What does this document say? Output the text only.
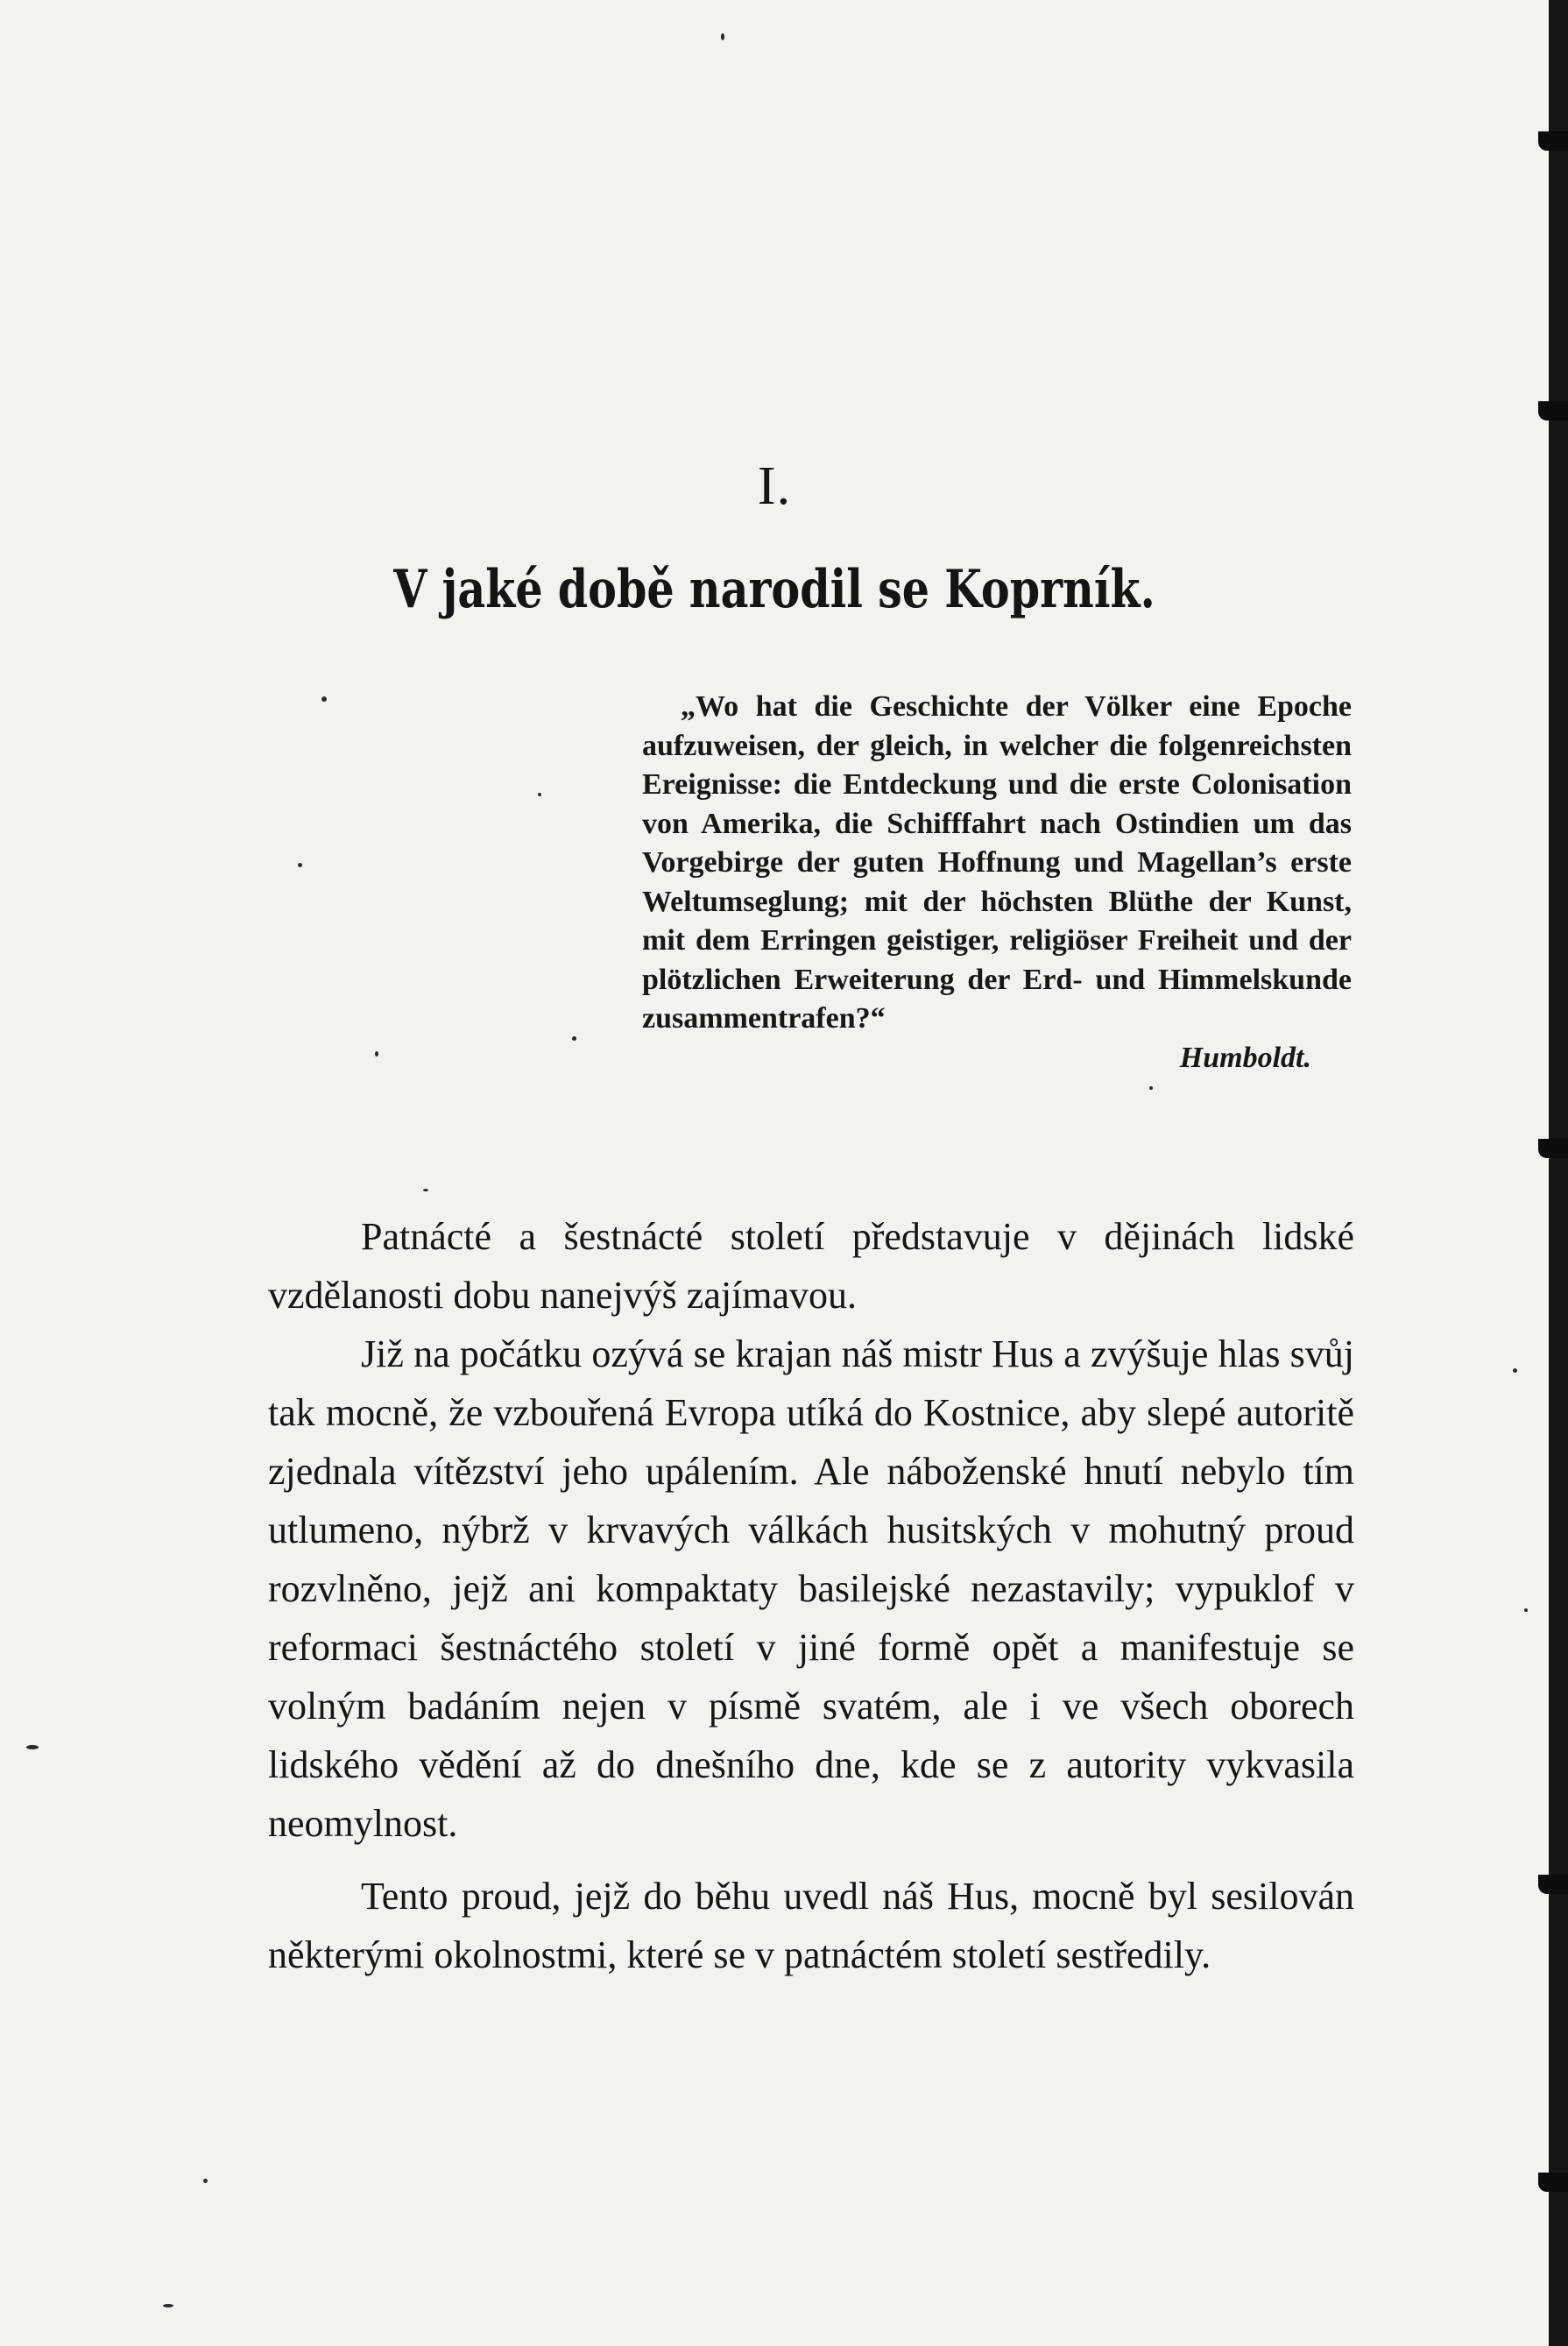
I.
V jaké době narodil se Koprník.
„Wo hat die Geschichte der Völker eine Epoche aufzuweisen, der gleich, in welcher die folgenreichsten Ereignisse: die Entdeckung und die erste Colonisation von Amerika, die Schifffahrt nach Ostindien um das Vorgebirge der guten Hoffnung und Magellan’s erste Weltumseglung; mit der höchsten Blüthe der Kunst, mit dem Erringen geistiger, religiöser Freiheit und der plötzlichen Erweiterung der Erd- und Himmelskunde zusammentrafen?“
Humboldt.

Patnácté a šestnácté století představuje v dějinách lidské vzdělanosti dobu nanejvýš zajímavou.

Již na počátku ozývá se krajan náš mistr Hus a zvýšuje hlas svůj tak mocně, že vzbouřená Evropa utíká do Kostnice, aby slepé autoritě zjednala vítězství jeho upálením. Ale náboženské hnutí nebylo tím utlumeno, nýbrž v krvavých válkách husitských v mohutný proud rozvlněno, jejž ani kompaktaty basilejské nezastavily; vypuklof v reformaci šestnáctého století v jiné formě opět a manifestuje se volným badáním nejen v písmě svatém, ale i ve všech oborech lidského vědění až do dnešního dne, kde se z autority vykvasila neomylnost.

Tento proud, jejž do běhu uvedl náš Hus, mocně byl sesilován některými okolnostmi, které se v patnáctém století sestředily.
